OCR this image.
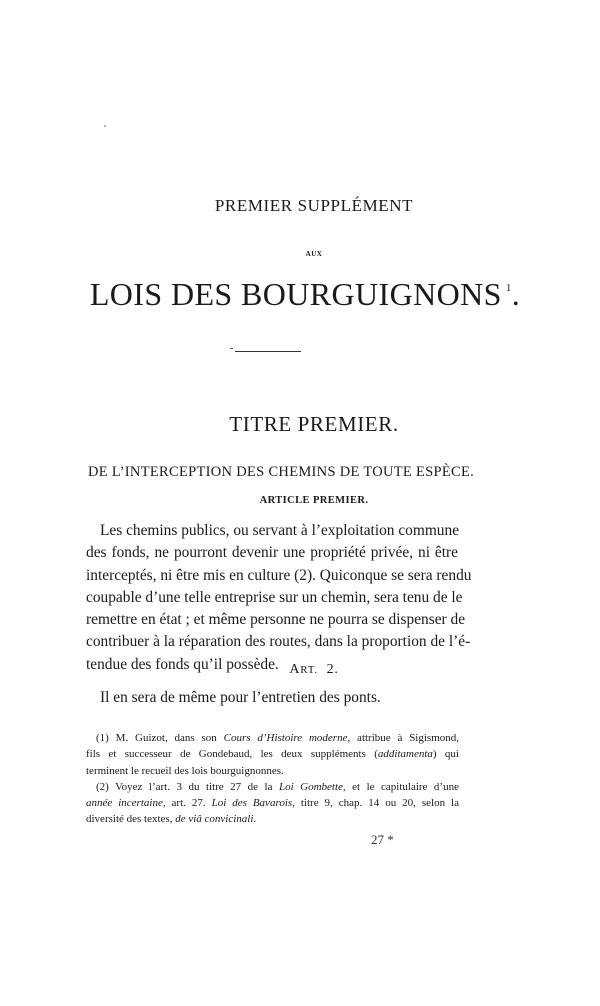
PREMIER SUPPLÉMENT
AUX
LOIS DES BOURGUIGNONS $^1$.
TITRE PREMIER.
DE L’INTERCEPTION DES CHEMINS DE TOUTE ESPÈCE.
ARTICLE PREMIER.
Les chemins publics, ou servant à l’exploitation commune
des fonds, ne pourront devenir une propriété privée, ni être
interceptés, ni être mis en culture (2). Quiconque se sera rendu
coupable d’une telle entreprise sur un chemin, sera tenu de le
remettre en état ; et même personne ne pourra se dispenser de
contribuer à la réparation des routes, dans la proportion de l’é-
tendue des fonds qu’il possède. ART. 2.
Il en sera de même pour l’entretien des ponts.
(1) M. Guizot, dans son Cours d’Histoire moderne, attribue à Sigismond,
fils et successeur de Gondebaud, les deux suppléments (additamenta) qui
terminent le recueil des lois bourguignonnes.
(2) Voyez l’art. 3 du titre 27 de la Loi Gombette, et le capitulaire d’une
année incertaine, art. 27. Loi des Bavarois, titre 9, chap. 14 ou 20, selon la
diversité des textes, de viâ convicinali.
27 *
